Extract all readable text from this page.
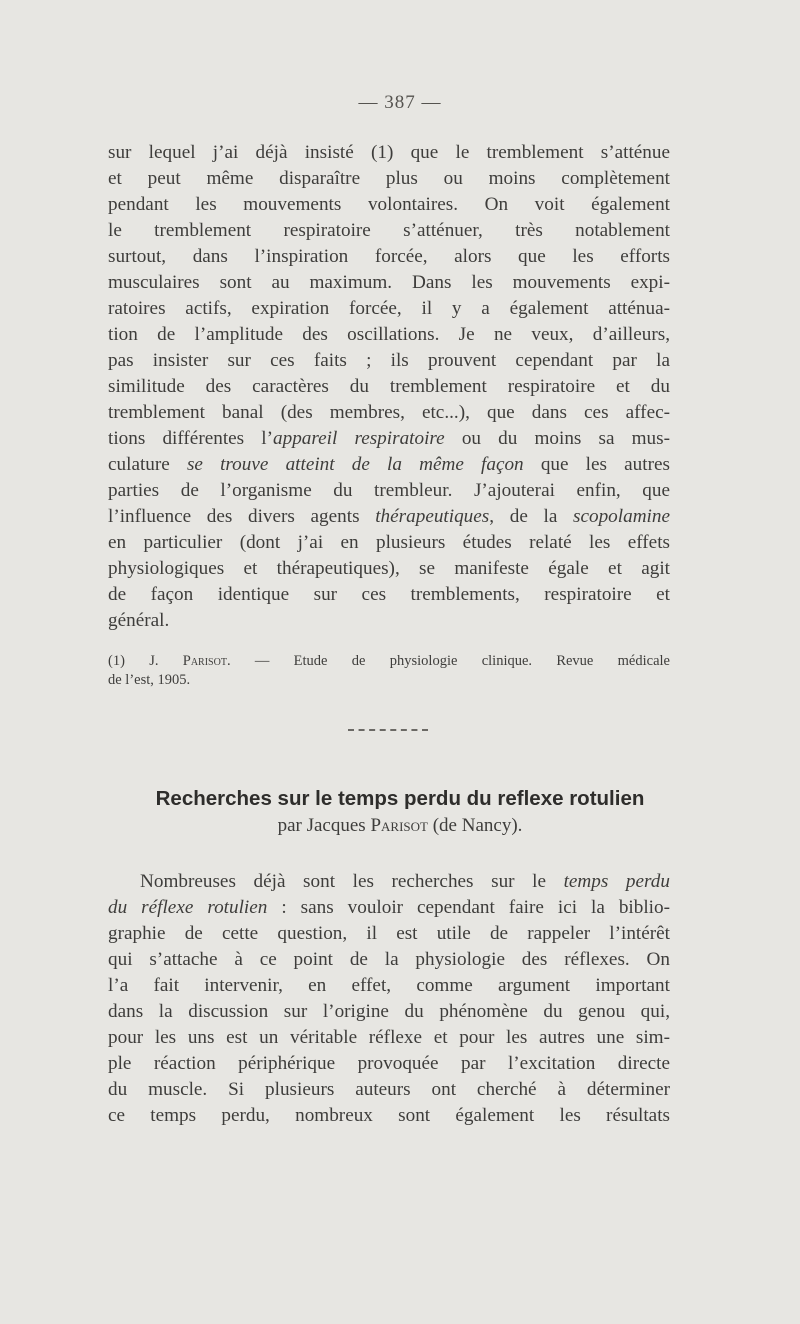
— 387 —
sur lequel j’ai déjà insisté (1) que le tremblement s’atténue
et peut même disparaître plus ou moins complètement
pendant les mouvements volontaires. On voit également
le tremblement respiratoire s’atténuer, très notablement
surtout, dans l’inspiration forcée, alors que les efforts
musculaires sont au maximum. Dans les mouvements expi-
ratoires actifs, expiration forcée, il y a également atténua-
tion de l’amplitude des oscillations. Je ne veux, d’ailleurs,
pas insister sur ces faits ; ils prouvent cependant par la
similitude des caractères du tremblement respiratoire et du
tremblement banal (des membres, etc...), que dans ces affec-
tions différentes l’appareil respiratoire ou du moins sa mus-
culature se trouve atteint de la même façon que les autres
parties de l’organisme du trembleur. J’ajouterai enfin, que
l’influence des divers agents thérapeutiques, de la scopolamine
en particulier (dont j’ai en plusieurs études relaté les effets
physiologiques et thérapeutiques), se manifeste égale et agit
de façon identique sur ces tremblements, respiratoire et
général.
(1) J. Parisot. — Etude de physiologie clinique. Revue médicale
de l’est, 1905.
Recherches sur le temps perdu du reflexe rotulien
par Jacques Parisot (de Nancy).
Nombreuses déjà sont les recherches sur le temps perdu
du réflexe rotulien : sans vouloir cependant faire ici la biblio-
graphie de cette question, il est utile de rappeler l’intérêt
qui s’attache à ce point de la physiologie des réflexes. On
l’a fait intervenir, en effet, comme argument important
dans la discussion sur l’origine du phénomène du genou qui,
pour les uns est un véritable réflexe et pour les autres une sim-
ple réaction périphérique provoquée par l’excitation directe
du muscle. Si plusieurs auteurs ont cherché à déterminer
ce temps perdu, nombreux sont également les résultats
